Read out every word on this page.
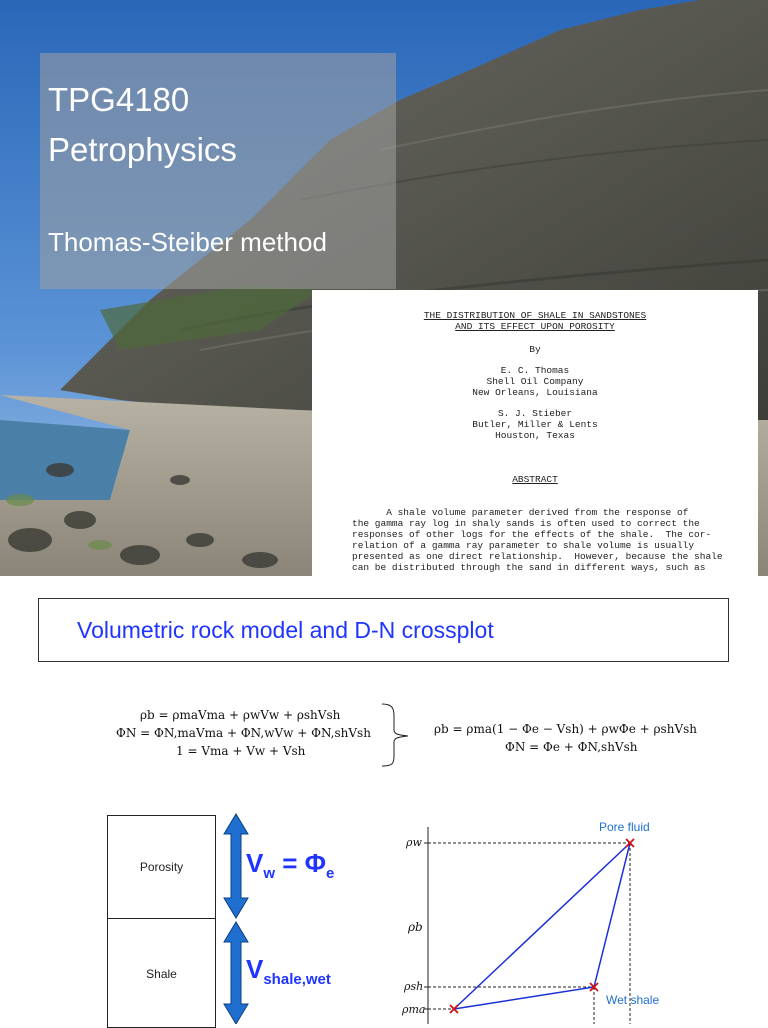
TPG4180
Petrophysics
Thomas-Steiber method
THE DISTRIBUTION OF SHALE IN SANDSTONES
AND ITS EFFECT UPON POROSITY
By
E. C. Thomas
Shell Oil Company
New Orleans, Louisiana
S. J. Stieber
Butler, Miller & Lents
Houston, Texas
ABSTRACT
A shale volume parameter derived from the response of
the gamma ray log in shaly sands is often used to correct the
responses of other logs for the effects of the shale.  The cor-
relation of a gamma ray parameter to shale volume is usually
presented as one direct relationship.  However, because the shale
can be distributed through the sand in different ways, such as
Volumetric rock model and D-N crossplot
ρb = ρmaVma + ρwVw + ρshVsh
ΦN = ΦN,maVma + ΦN,wVw + ΦN,shVsh
1 = Vma + Vw + Vsh
ρb = ρma(1 − Φe − Vsh) + ρwΦe + ρshVsh
ΦN = Φe + ΦN,shVsh
Porosity
Shale
$V_w = \Phi_e$
$V_{shale,wet}$
Pore fluid
Wet shale
ρw
ρb
ρsh
ρma
